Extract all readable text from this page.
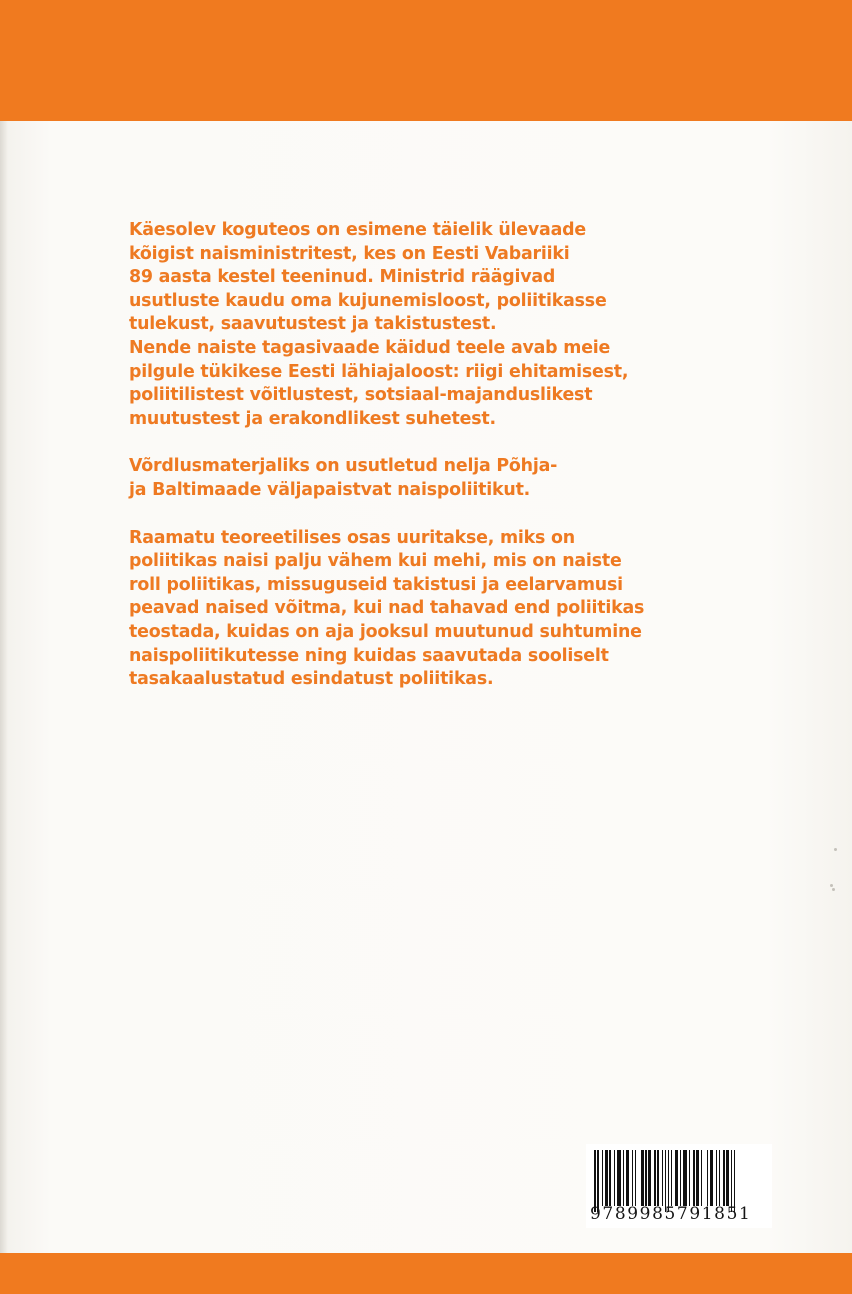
Käesolev koguteos on esimene täielik ülevaade
kõigist naisministritest, kes on Eesti Vabariiki
89 aasta kestel teeninud. Ministrid räägivad
usutluste kaudu oma kujunemisloost, poliitikasse
tulekust, saavutustest ja takistustest.
Nende naiste tagasivaade käidud teele avab meie
pilgule tükikese Eesti lähiajaloost: riigi ehitamisest,
poliitilistest võitlustest, sotsiaal-majanduslikest
muutustest ja erakondlikest suhetest.

Võrdlusmaterjaliks on usutletud nelja Põhja-
ja Baltimaade väljapaistvat naispoliitikut.

Raamatu teoreetilises osas uuritakse, miks on
poliitikas naisi palju vähem kui mehi, mis on naiste
roll poliitikas, missuguseid takistusi ja eelarvamusi
peavad naised võitma, kui nad tahavad end poliitikas
teostada, kuidas on aja jooksul muutunud suhtumine
naispoliitikutesse ning kuidas saavutada sooliselt
tasakaalustatud esindatust poliitikas.

9789985791851
